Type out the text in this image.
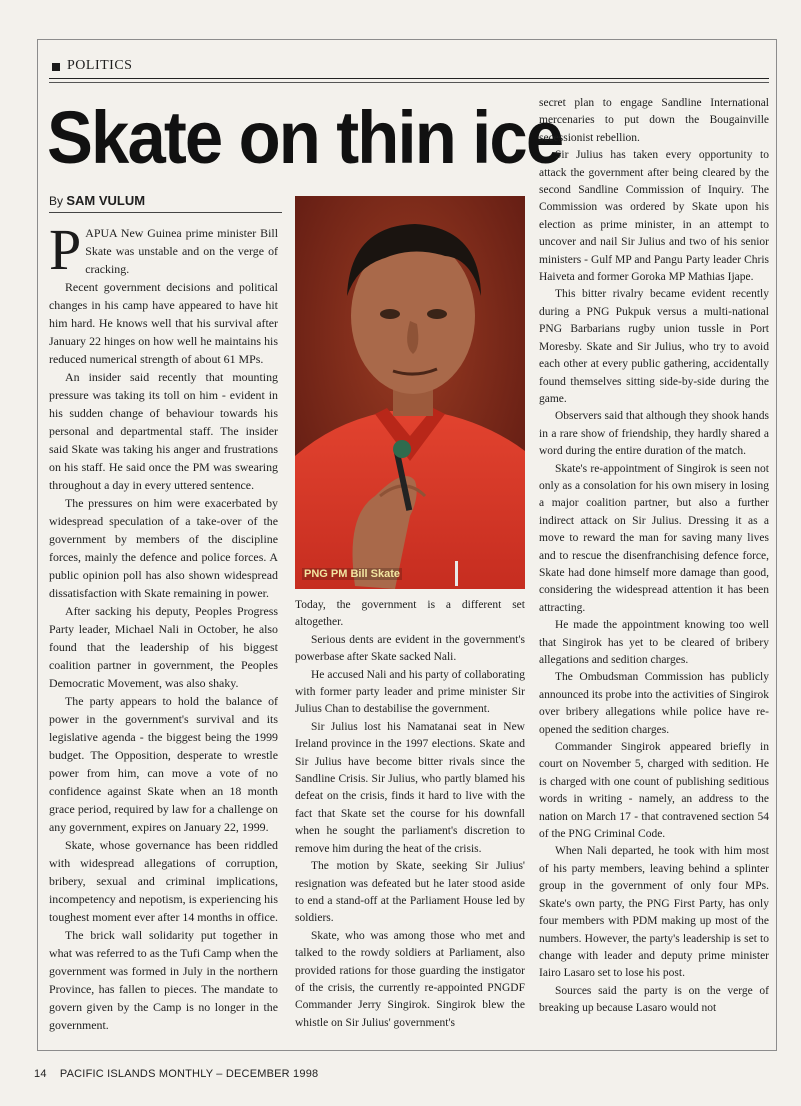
POLITICS
Skate on thin ice
By SAM VULUM

PAPUA New Guinea prime minister Bill Skate was unstable and on the verge of cracking.

Recent government decisions and political changes in his camp have appeared to have hit him hard. He knows well that his survival after January 22 hinges on how well he maintains his reduced numerical strength of about 61 MPs.

An insider said recently that mounting pressure was taking its toll on him - evident in his sudden change of behaviour towards his personal and departmental staff. The insider said Skate was taking his anger and frustrations on his staff. He said once the PM was swearing throughout a day in every uttered sentence.

The pressures on him were exacerbated by widespread speculation of a take-over of the government by members of the discipline forces, mainly the defence and police forces. A public opinion poll has also shown widespread dissatisfaction with Skate remaining in power.

After sacking his deputy, Peoples Progress Party leader, Michael Nali in October, he also found that the leadership of his biggest coalition partner in government, the Peoples Democratic Movement, was also shaky.

The party appears to hold the balance of power in the government's survival and its legislative agenda - the biggest being the 1999 budget. The Opposition, desperate to wrestle power from him, can move a vote of no confidence against Skate when an 18 month grace period, required by law for a challenge on any government, expires on January 22, 1999.

Skate, whose governance has been riddled with widespread allegations of corruption, bribery, sexual and criminal implications, incompetency and nepotism, is experiencing his toughest moment ever after 14 months in office.

The brick wall solidarity put together in what was referred to as the Tufi Camp when the government was formed in July in the northern Province, has fallen to pieces. The mandate to govern given by the Camp is no longer in the government.

PNG PM Bill Skate

Today, the government is a different set altogether.

Serious dents are evident in the government's powerbase after Skate sacked Nali.

He accused Nali and his party of collaborating with former party leader and prime minister Sir Julius Chan to destabilise the government.

Sir Julius lost his Namatanai seat in New Ireland province in the 1997 elections. Skate and Sir Julius have become bitter rivals since the Sandline Crisis. Sir Julius, who partly blamed his defeat on the crisis, finds it hard to live with the fact that Skate set the course for his downfall when he sought the parliament's discretion to remove him during the heat of the crisis.

The motion by Skate, seeking Sir Julius' resignation was defeated but he later stood aside to end a stand-off at the Parliament House led by soldiers.

Skate, who was among those who met and talked to the rowdy soldiers at Parliament, also provided rations for those guarding the instigator of the crisis, the currently re-appointed PNGDF Commander Jerry Singirok. Singirok blew the whistle on Sir Julius' government's

secret plan to engage Sandline International mercenaries to put down the Bougainville secessionist rebellion.

Sir Julius has taken every opportunity to attack the government after being cleared by the second Sandline Commission of Inquiry. The Commission was ordered by Skate upon his election as prime minister, in an attempt to uncover and nail Sir Julius and two of his senior ministers - Gulf MP and Pangu Party leader Chris Haiveta and former Goroka MP Mathias Ijape.

This bitter rivalry became evident recently during a PNG Pukpuk versus a multi-national PNG Barbarians rugby union tussle in Port Moresby. Skate and Sir Julius, who try to avoid each other at every public gathering, accidentally found themselves sitting side-by-side during the game.

Observers said that although they shook hands in a rare show of friendship, they hardly shared a word during the entire duration of the match.

Skate's re-appointment of Singirok is seen not only as a consolation for his own misery in losing a major coalition partner, but also a further indirect attack on Sir Julius. Dressing it as a move to reward the man for saving many lives and to rescue the disenfranchising defence force, Skate had done himself more damage than good, considering the widespread attention it has been attracting.

He made the appointment knowing too well that Singirok has yet to be cleared of bribery allegations and sedition charges.

The Ombudsman Commission has publicly announced its probe into the activities of Singirok over bribery allegations while police have re-opened the sedition charges.

Commander Singirok appeared briefly in court on November 5, charged with sedition. He is charged with one count of publishing seditious words in writing - namely, an address to the nation on March 17 - that contravened section 54 of the PNG Criminal Code.

When Nali departed, he took with him most of his party members, leaving behind a splinter group in the government of only four MPs. Skate's own party, the PNG First Party, has only four members with PDM making up most of the numbers. However, the party's leadership is set to change with leader and deputy prime minister Iairo Lasaro set to lose his post.

Sources said the party is on the verge of breaking up because Lasaro would not

14 PACIFIC ISLANDS MONTHLY – DECEMBER 1998
